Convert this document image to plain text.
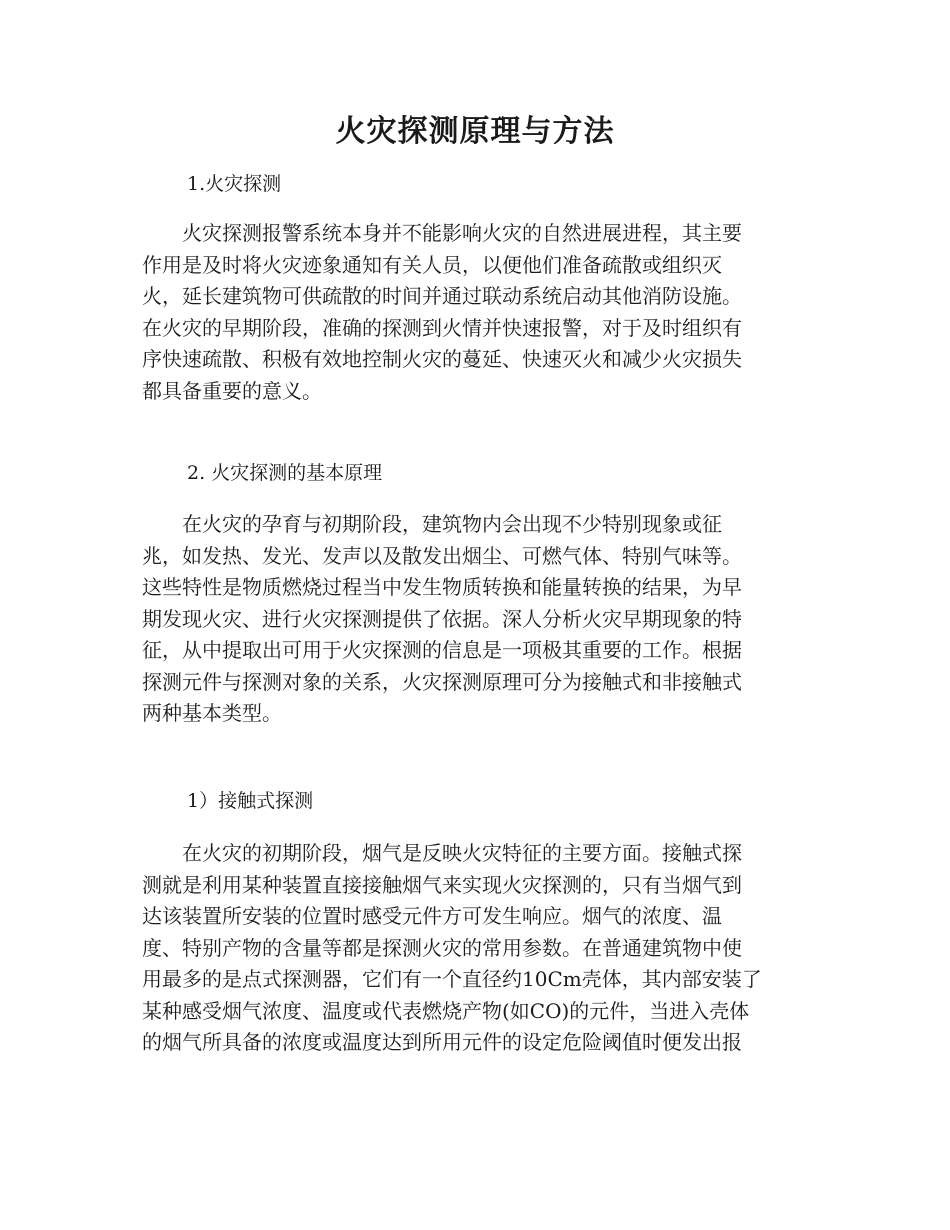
火灾探测原理与方法

1.火灾探测

　　火灾探测报警系统本身并不能影响火灾的自然进展进程，其主要
作用是及时将火灾迹象通知有关人员，以便他们准备疏散或组织灭
火，延长建筑物可供疏散的时间并通过联动系统启动其他消防设施。
在火灾的早期阶段，准确的探测到火情并快速报警，对于及时组织有
序快速疏散、积极有效地控制火灾的蔓延、快速灭火和减少火灾损失
都具备重要的意义。

2. 火灾探测的基本原理

　　在火灾的孕育与初期阶段，建筑物内会出现不少特别现象或征
兆，如发热、发光、发声以及散发出烟尘、可燃气体、特别气味等。
这些特性是物质燃烧过程当中发生物质转换和能量转换的结果，为早
期发现火灾、进行火灾探测提供了依据。深人分析火灾早期现象的特
征，从中提取出可用于火灾探测的信息是一项极其重要的工作。根据
探测元件与探测对象的关系，火灾探测原理可分为接触式和非接触式
两种基本类型。

1）接触式探测

　　在火灾的初期阶段，烟气是反映火灾特征的主要方面。接触式探
测就是利用某种装置直接接触烟气来实现火灾探测的，只有当烟气到
达该装置所安装的位置时感受元件方可发生响应。烟气的浓度、温
度、特别产物的含量等都是探测火灾的常用参数。在普通建筑物中使
用最多的是点式探测器，它们有一个直径约10Cm壳体，其内部安装了
某种感受烟气浓度、温度或代表燃烧产物(如CO)的元件，当进入壳体
的烟气所具备的浓度或温度达到所用元件的设定危险阈值时便发出报
